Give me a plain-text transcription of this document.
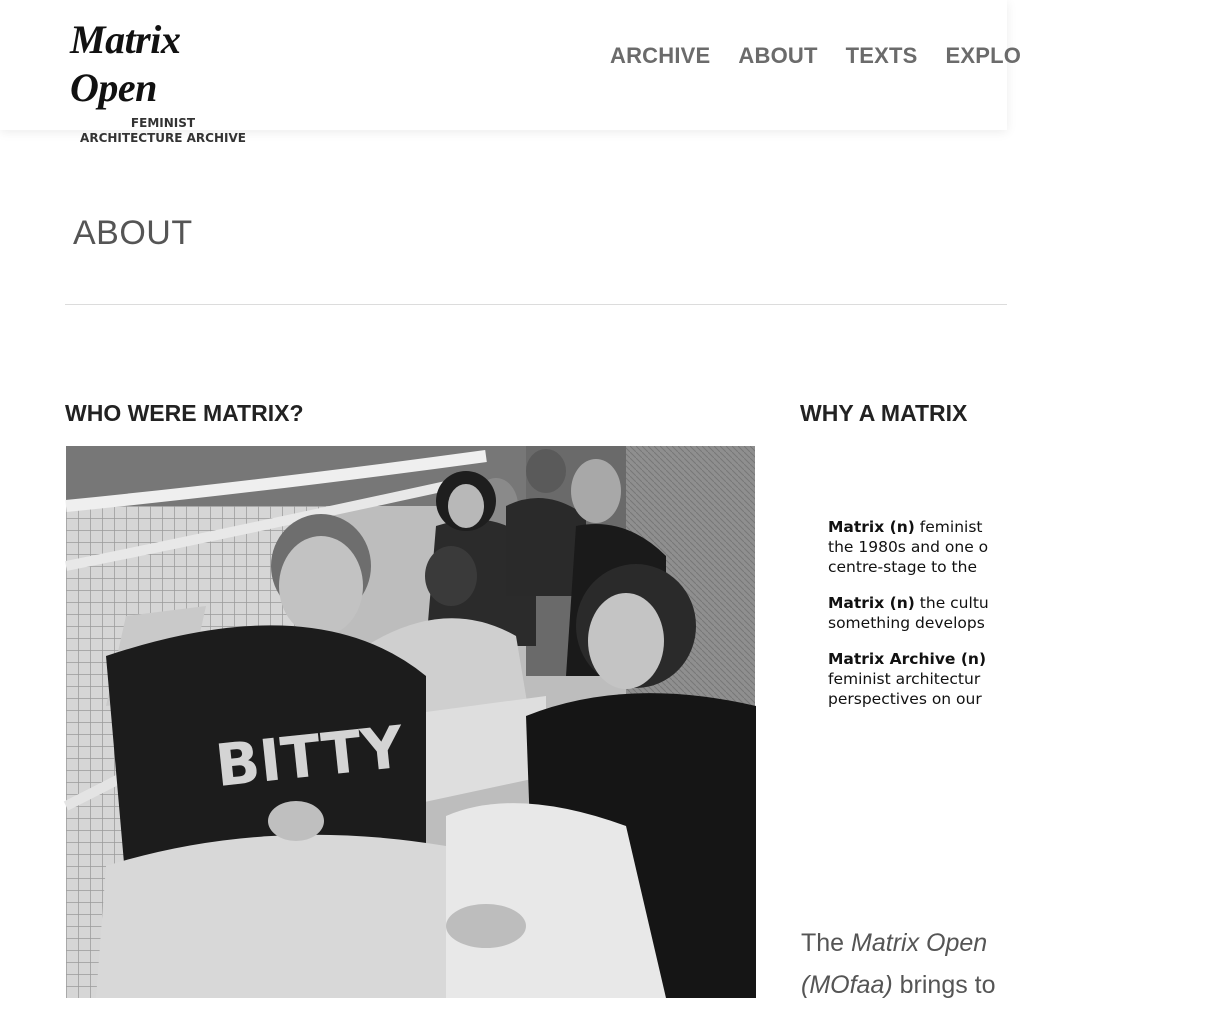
Matrix Open
FEMINIST ARCHITECTURE ARCHIVE
ARCHIVE ABOUT TEXTS EXPLO
ABOUT
WHO WERE MATRIX?	WHY A MATRIX
BITTY

Matrix (n) feminist
the 1980s and one o
centre-stage to the

Matrix (n) the cultu
something develops

Matrix Archive (n)
feminist architectur
perspectives on our

The Matrix Open
(MOfaa) brings to
